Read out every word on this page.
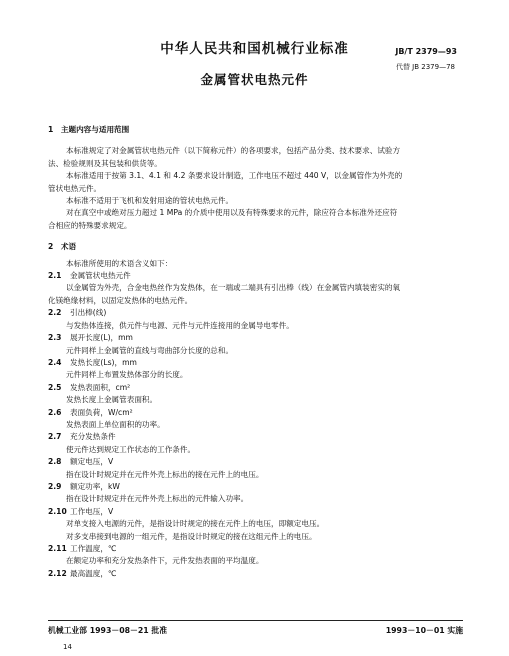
中华人民共和国机械行业标准	JB/T 2379—93
代替 JB 2379—78
金属管状电热元件

1　主题内容与适用范围

本标准规定了对金属管状电热元件（以下简称元件）的各项要求，包括产品分类、技术要求、试验方

法、检验规则及其包装和供货等。

本标准适用于按第 3.1、4.1 和 4.2 条要求设计制造，工作电压不超过 440 V，以金属管作为外壳的

管状电热元件。

本标准不适用于飞机和发射用途的管状电热元件。

对在真空中或绝对压力超过 1 MPa 的介质中使用以及有特殊要求的元件，除应符合本标准外还应符

合相应的特殊要求规定。

2　术语

本标准所使用的术语含义如下：

2.1 金属管状电热元件

以金属管为外壳，合金电热丝作为发热体，在一端或二端具有引出棒（线）在金属管内填装密实的氧

化镁绝缘材料，以固定发热体的电热元件。

2.2 引出棒(线)

与发热体连接，供元件与电源、元件与元件连接用的金属导电零件。

2.3 展开长度(L)，mm

元件同样上金属管的直线与弯曲部分长度的总和。

2.4 发热长度(Ls)，mm

元件同样上布置发热体部分的长度。

2.5 发热表面积，cm²

发热长度上金属管表面积。

2.6 表面负荷，W/cm²

发热表面上单位面积的功率。

2.7 充分发热条件

使元件达到规定工作状态的工作条件。

2.8 额定电压，V

指在设计时规定并在元件外壳上标出的接在元件上的电压。

2.9 额定功率，kW

指在设计时规定并在元件外壳上标出的元件输入功率。

2.10 工作电压，V

对单支接入电源的元件，是指设计时规定的接在元件上的电压，即额定电压。

对多支串接到电源的一组元件，是指设计时规定的接在这组元件上的电压。

2.11 工作温度，℃

在额定功率和充分发热条件下，元件发热表面的平均温度。

2.12 最高温度，℃

机械工业部 1993－08－21 批准	1993－10－01 实施
14
